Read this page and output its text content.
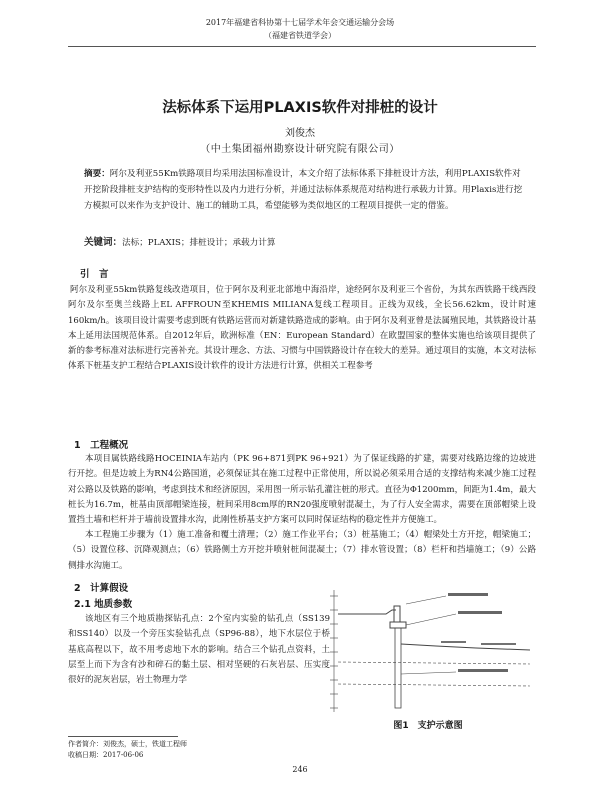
2017年福建省科协第十七届学术年会交通运输分会场
（福建省铁道学会）
法标体系下运用PLAXIS软件对排桩的设计
刘俊杰
（中土集团福州勘察设计研究院有限公司）
摘要：阿尔及利亚55Km铁路项目均采用法国标准设计，本文介绍了法标体系下排桩设计方法，利用PLAXIS软件对开挖阶段排桩支护结构的变形特性以及内力进行分析，并通过法标体系规范对结构进行承载力计算。用Plaxis进行挖方模拟可以来作为支护设计、施工的辅助工具，希望能够为类似地区的工程项目提供一定的借鉴。
关键词：法标；PLAXIS；排桩设计；承载力计算
引　言
阿尔及利亚55km铁路复线改造项目，位于阿尔及利亚北部地中海沿岸，途经阿尔及利亚三个省份，为其东西铁路干线西段阿尔及尔至奥兰线路上EL AFFROUN至KHEMIS MILIANA复线工程项目。正线为双线，全长56.62km，设计时速160km/h。该项目设计需要考虑到既有铁路运营而对新建铁路造成的影响。由于阿尔及利亚曾是法属殖民地，其铁路设计基本上延用法国规范体系。自2012年后，欧洲标准（EN：European Standard）在欧盟国家的整体实施也给该项目提供了新的参考标准对法标进行完善补充。其设计理念、方法、习惯与中国铁路设计存在较大的差异。通过项目的实施，本文对法标体系下桩基支护工程结合PLAXIS设计软件的设计方法进行计算，供相关工程参考
1　工程概况
本项目属铁路线路HOCEINIA车站内（PK 96+871到PK 96+921）为了保证线路的扩建，需要对线路边缘的边坡进行开挖。但是边坡上为RN4公路国道，必须保证其在施工过程中正常使用，所以说必须采用合适的支撑结构来减少施工过程对公路以及铁路的影响，考虑到技术和经济原因，采用图一所示钻孔灌注桩的形式。直径为Φ1200mm，间距为1.4m，最大桩长为16.7m，桩基由顶部帽梁连接，桩间采用8cm厚的RN20强度喷射混凝土，为了行人安全需求，需要在顶部帽梁上设置挡土墙和栏杆并于墙前设置排水沟，此刚性桥基支护方案可以同时保证结构的稳定性并方便施工。
本工程施工步骤为（1）施工准备和覆土清理；（2）施工作业平台；（3）桩基施工；（4）帽梁处土方开挖，帽梁施工；（5）设置位移、沉降观测点；（6）铁路侧土方开挖并喷射桩间混凝土；（7）排水管设置；（8）栏杆和挡墙施工；（9）公路侧排水沟施工。
2　计算假设
2.1 地质参数
该地区有三个地质勘探钻孔点：2个室内实验的钻孔点（SS139和SS140）以及一个旁压实验钻孔点（SP96-88），地下水层位于桥基底高程以下，故不用考虑地下水的影响。结合三个钻孔点资料，土层至上而下为含有沙和碎石的黏土层、相对坚硬的石灰岩层、压实度很好的泥灰岩层，岩土物理力学
图1　支护示意图
作者简介：刘俊杰，硕士，铁道工程师
收稿日期：2017-06-06
246
